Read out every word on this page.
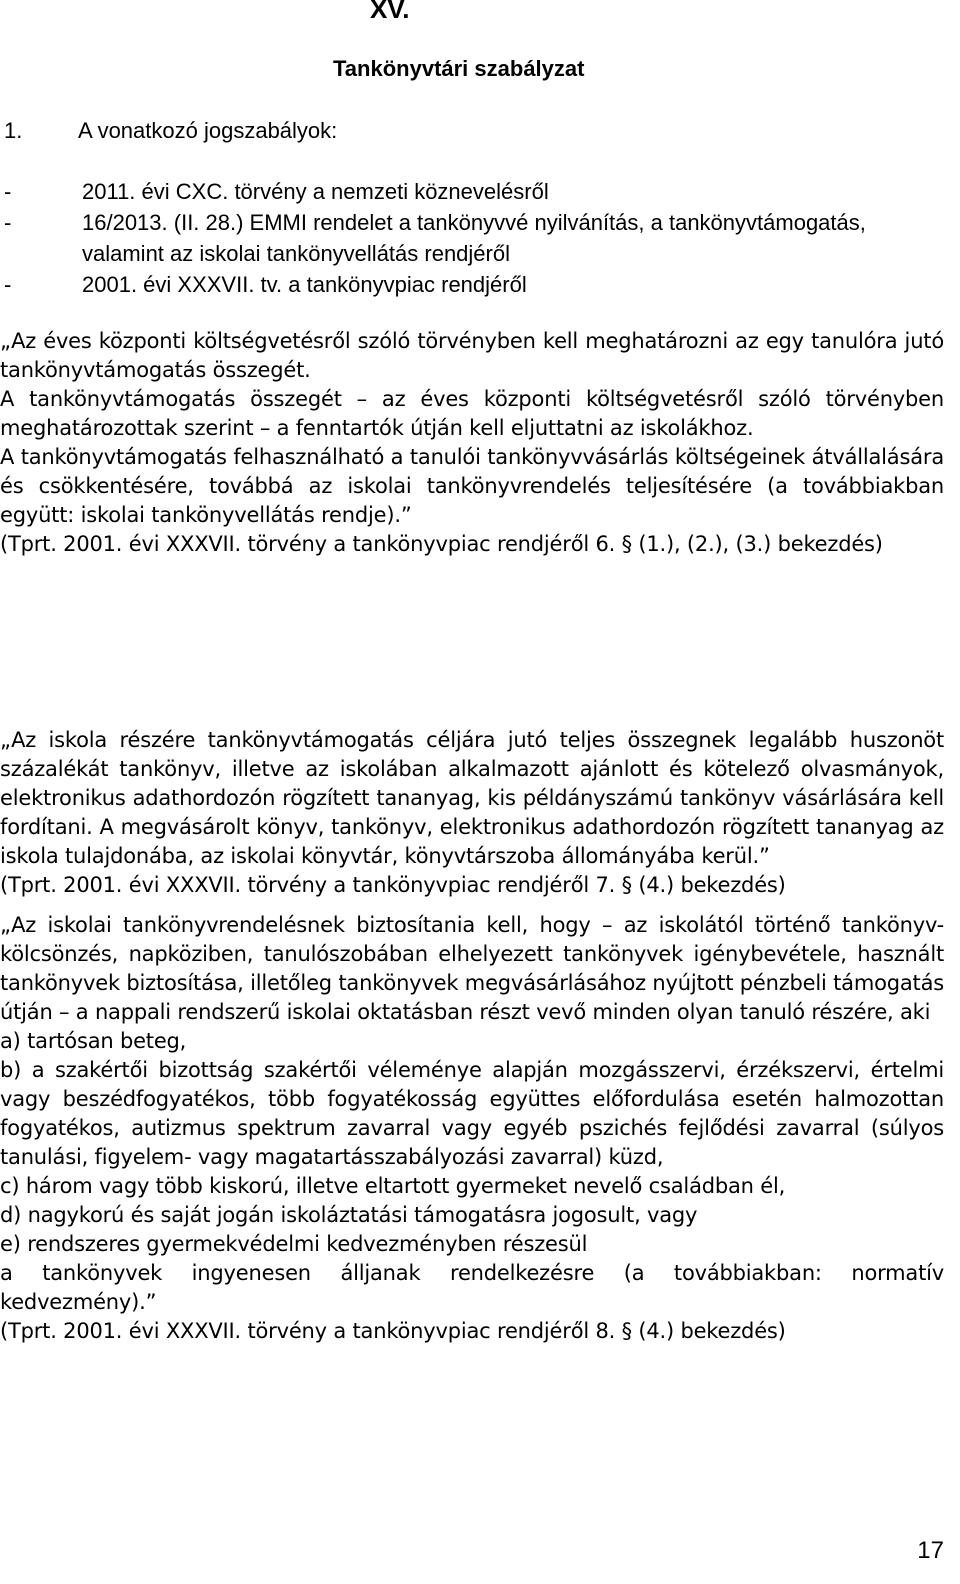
XV.
Tankönyvtári szabályzat
1.	A vonatkozó jogszabályok:
-	2011. évi CXC. törvény a nemzeti köznevelésről
-	16/2013. (II. 28.) EMMI rendelet a tankönyvvé nyilvánítás, a tankönyvtámogatás, valamint az iskolai tankönyvellátás rendjéről
-	2001. évi XXXVII. tv. a tankönyvpiac rendjéről

„Az éves központi költségvetésről szóló törvényben kell meghatározni az egy tanulóra jutó tankönyvtámogatás összegét.

A tankönyvtámogatás összegét – az éves központi költségvetésről szóló törvényben meghatározottak szerint – a fenntartók útján kell eljuttatni az iskolákhoz.

A tankönyvtámogatás felhasználható a tanulói tankönyvvásárlás költségeinek átvállalására és csökkentésére, továbbá az iskolai tankönyvrendelés teljesítésére (a továbbiakban együtt: iskolai tankönyvellátás rendje).”

(Tprt. 2001. évi XXXVII. törvény a tankönyvpiac rendjéről 6. § (1.), (2.), (3.) bekezdés)

„Az iskola részére tankönyvtámogatás céljára jutó teljes összegnek legalább huszonöt százalékát tankönyv, illetve az iskolában alkalmazott ajánlott és kötelező olvasmányok, elektronikus adathordozón rögzített tananyag, kis példányszámú tankönyv vásárlására kell fordítani. A megvásárolt könyv, tankönyv, elektronikus adathordozón rögzített tananyag az iskola tulajdonába, az iskolai könyvtár, könyvtárszoba állományába kerül.”

(Tprt. 2001. évi XXXVII. törvény a tankönyvpiac rendjéről 7. § (4.) bekezdés)

„Az iskolai tankönyvrendelésnek biztosítania kell, hogy – az iskolától történő tankönyv-kölcsönzés, napköziben, tanulószobában elhelyezett tankönyvek igénybevétele, használt tankönyvek biztosítása, illetőleg tankönyvek megvásárlásához nyújtott pénzbeli támogatás útján – a nappali rendszerű iskolai oktatásban részt vevő minden olyan tanuló részére, aki

a) tartósan beteg,

b) a szakértői bizottság szakértői véleménye alapján mozgásszervi, érzékszervi, értelmi vagy beszédfogyatékos, több fogyatékosság együttes előfordulása esetén halmozottan fogyatékos, autizmus spektrum zavarral vagy egyéb pszichés fejlődési zavarral (súlyos tanulási, figyelem- vagy magatartásszabályozási zavarral) küzd,

c) három vagy több kiskorú, illetve eltartott gyermeket nevelő családban él,

d) nagykorú és saját jogán iskoláztatási támogatásra jogosult, vagy

e) rendszeres gyermekvédelmi kedvezményben részesül

a tankönyvek ingyenesen álljanak rendelkezésre (a továbbiakban: normatív kedvezmény).”

(Tprt. 2001. évi XXXVII. törvény a tankönyvpiac rendjéről 8. § (4.) bekezdés)

17
